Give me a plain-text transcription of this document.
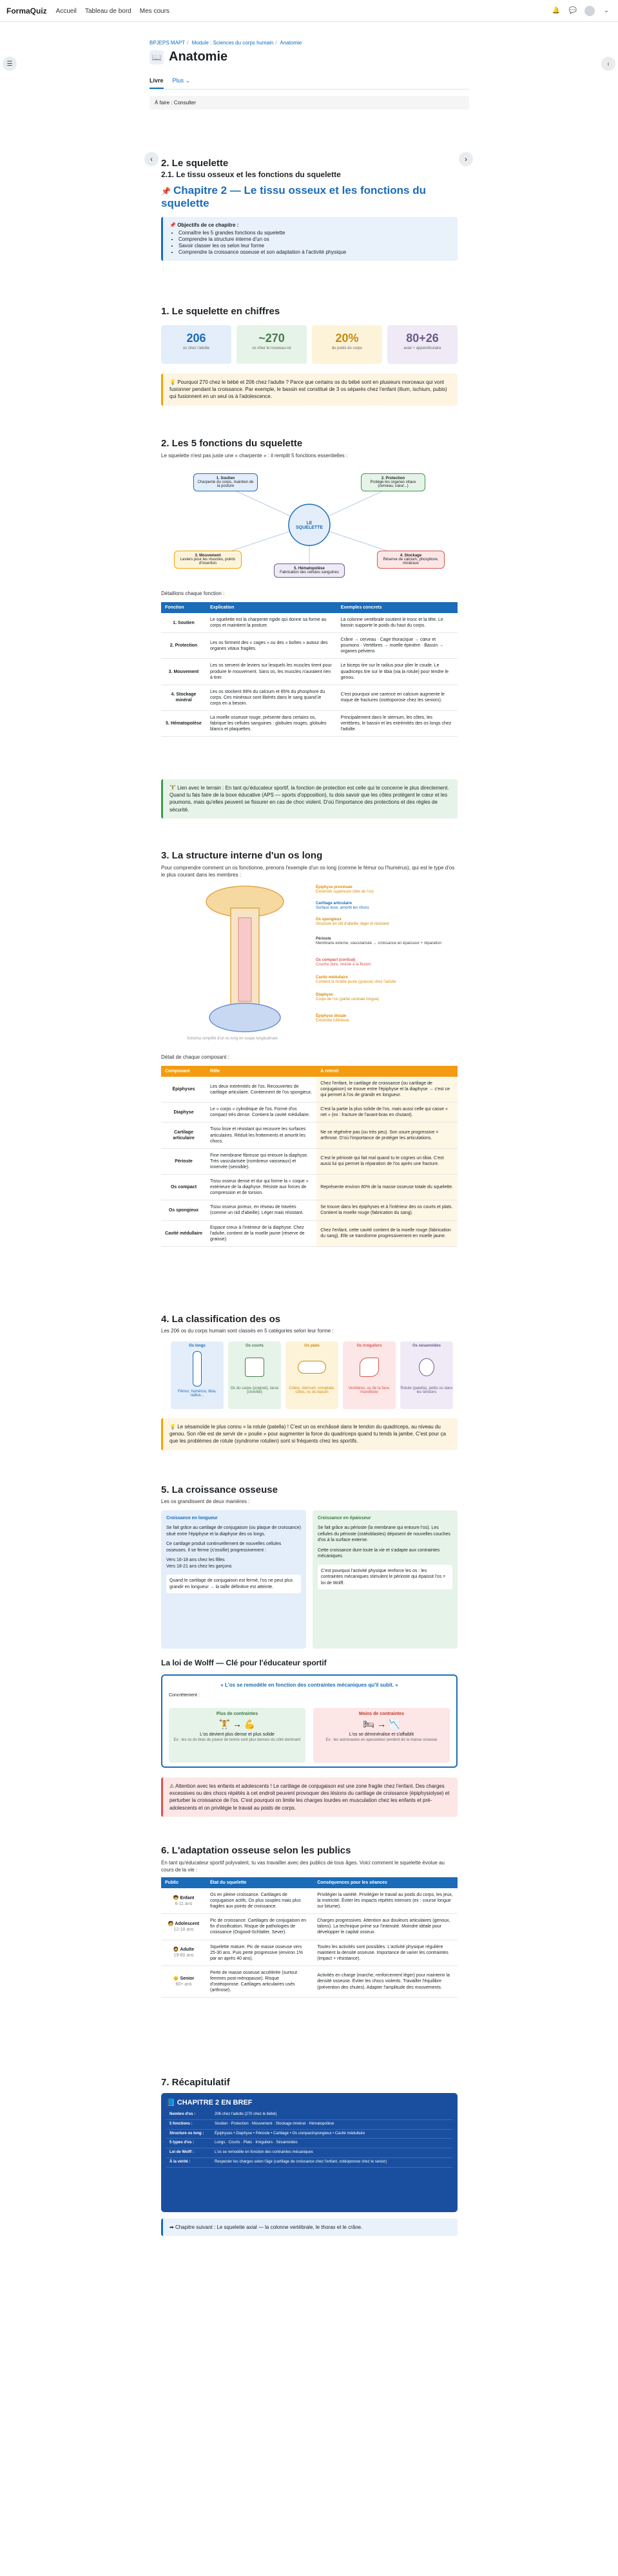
FormaQuiz Accueil Tableau de bord Mes cours	🔔 💬	⌄
☰	‹
BPJEPS MAPT / Module : Sciences du corps humain / Anatomie
📖 Anatomie
Livre Plus ⌄
À faire : Consulter
‹	›
2. Le squelette
2.1. Le tissu osseux et les fonctions du squelette
📌 Chapitre 2 — Le tissu osseux et les fonctions du squelette
📌 Objectifs de ce chapitre :
• Connaître les 5 grandes fonctions du squelette
• Comprendre la structure interne d'un os
• Savoir classer les os selon leur forme
• Comprendre la croissance osseuse et son adaptation à l'activité physique
1. Le squelette en chiffres
206
os chez l'adulte
~270
os chez le nouveau-né
20%
du poids du corps
80+26
axial + appendiculaire
💡 Pourquoi 270 chez le bébé et 206 chez l'adulte ? Parce que certains os du bébé sont en plusieurs morceaux qui vont fusionner pendant la croissance. Par exemple, le bassin est constitué de 3 os séparés chez l'enfant (ilium, ischium, pubis) qui fusionnent en un seul os à l'adolescence.
2. Les 5 fonctions du squelette
Le squelette n'est pas juste une « charpente » : il remplit 5 fonctions essentielles :
LE SQUELETTE
1. Soutien
Charpente du corps, maintien de la posture
2. Protection
Protège les organes vitaux (cerveau, cœur...)
3. Mouvement
Leviers pour les muscles, points d'insertion
4. Stockage
Réserve de calcium, phosphore, minéraux
5. Hématopoïèse
Fabrication des cellules sanguines
Détaillons chaque fonction :
Fonction	Explication	Exemples concrets
1. Soutien	Le squelette est la charpente rigide qui donne sa forme au corps et maintient la posture.	La colonne vertébrale soutient le tronc et la tête. Le bassin supporte le poids du haut du corps.
2. Protection	Les os forment des « cages » ou des « boîtes » autour des organes vitaux fragiles.	Crâne → cerveau · Cage thoracique → cœur et poumons · Vertèbres → moelle épinière · Bassin → organes pelviens
3. Mouvement	Les os servent de leviers sur lesquels les muscles tirent pour produire le mouvement. Sans os, les muscles n'auraient rien à tirer.	Le biceps tire sur le radius pour plier le coude. Le quadriceps tire sur le tibia (via la rotule) pour tendre le genou.
4. Stockage minéral	Les os stockent 99% du calcium et 85% du phosphore du corps. Ces minéraux sont libérés dans le sang quand le corps en a besoin.	C'est pourquoi une carence en calcium augmente le risque de fractures (ostéoporose chez les seniors).
5. Hématopoïèse	La moelle osseuse rouge, présente dans certains os, fabrique les cellules sanguines : globules rouges, globules blancs et plaquettes.	Principalement dans le sternum, les côtes, les vertèbres, le bassin et les extrémités des os longs chez l'adulte.
🏋 Lien avec le terrain : En tant qu'éducateur sportif, la fonction de protection est celle qui te concerne le plus directement. Quand tu fais faire de la boxe éducative (APS — sports d'opposition), tu dois savoir que les côtes protègent le cœur et les poumons, mais qu'elles peuvent se fissurer en cas de choc violent. D'où l'importance des protections et des règles de sécurité.
3. La structure interne d'un os long
Pour comprendre comment un os fonctionne, prenons l'exemple d'un os long (comme le fémur ou l'humérus), qui est le type d'os le plus courant dans les membres :
Épiphyse proximale
Extrémité supérieure (tête de l'os)
Cartilage articulaire
Surface lisse, amortit les chocs
Os spongieux
Structure en nid d'abeille, léger et résistant
Périoste
Membrane externe, vascularisée → croissance en épaisseur + réparation
Os compact (cortical)
Couche dure, résiste à la flexion
Cavité médullaire
Contient la moelle jaune (graisse) chez l'adulte
Diaphyse
Corps de l'os (partie centrale longue)
Épiphyse distale
Extrémité inférieure
Schéma simplifié d'un os long en coupe longitudinale
Détail de chaque composant :
Composant	Rôle	À retenir
Épiphyses	Les deux extrémités de l'os. Recouvertes de cartilage articulaire. Contiennent de l'os spongieux.	Chez l'enfant, le cartilage de croissance (ou cartilage de conjugaison) se trouve entre l'épiphyse et la diaphyse → c'est ce qui permet à l'os de grandir en longueur.
Diaphyse	Le « corps » cylindrique de l'os. Formé d'os compact très dense. Contient la cavité médullaire.	C'est la partie la plus solide de l'os, mais aussi celle qui casse « net » (ex : fracture de l'avant-bras en chutant).
Cartilage articulaire	Tissu lisse et résistant qui recouvre les surfaces articulaires. Réduit les frottements et amortit les chocs.	Ne se régénère pas (ou très peu). Son usure progressive = arthrose. D'où l'importance de protéger les articulations.
Périoste	Fine membrane fibreuse qui entoure la diaphyse. Très vascularisée (nombreux vaisseaux) et innervée (sensible).	C'est le périoste qui fait mal quand tu te cognes un tibia. C'est aussi lui qui permet la réparation de l'os après une fracture.
Os compact	Tissu osseux dense et dur qui forme la « coque » extérieure de la diaphyse. Résiste aux forces de compression et de torsion.	Représente environ 80% de la masse osseuse totale du squelette.
Os spongieux	Tissu osseux poreux, en réseau de travées (comme un nid d'abeille). Léger mais résistant.	Se trouve dans les épiphyses et à l'intérieur des os courts et plats. Contient la moelle rouge (fabrication du sang).
Cavité médullaire	Espace creux à l'intérieur de la diaphyse. Chez l'adulte, contient de la moelle jaune (réserve de graisse).	Chez l'enfant, cette cavité contient de la moelle rouge (fabrication du sang). Elle se transforme progressivement en moelle jaune.
4. La classification des os
Les 206 os du corps humain sont classés en 5 catégories selon leur forme :
Os longs
Fémur, humérus, tibia, radius...
Os courts
Os du carpe (poignet), tarse (cheville)
Os plats
Crâne, sternum, omoplate, côtes, os du bassin
Os irréguliers
Vertèbres, os de la face, mandibule
Os sésamoïdes
Rotule (patella), petits os dans les tendons
💡 Le sésamoïde le plus connu = la rotule (patella) ! C'est un os enchâssé dans le tendon du quadriceps, au niveau du genou. Son rôle est de servir de « poulie » pour augmenter la force du quadriceps quand tu tends la jambe. C'est pour ça que les problèmes de rotule (syndrome rotulien) sont si fréquents chez les sportifs.
5. La croissance osseuse
Les os grandissent de deux manières :
Croissance en longueur

Se fait grâce au cartilage de conjugaison (ou plaque de croissance) situé entre l'épiphyse et la diaphyse des os longs.

Ce cartilage produit continuellement de nouvelles cellules osseuses. Il se ferme (s'ossifie) progressivement :

Vers 16-18 ans chez les filles
Vers 18-21 ans chez les garçons
Quand le cartilage de conjugaison est fermé, l'os ne peut plus grandir en longueur → la taille définitive est atteinte.
Croissance en épaisseur

Se fait grâce au périoste (la membrane qui entoure l'os). Les cellules du périoste (ostéoblastes) déposent de nouvelles couches d'os à la surface externe.

Cette croissance dure toute la vie et s'adapte aux contraintes mécaniques.

C'est pourquoi l'activité physique renforce les os : les contraintes mécaniques stimulent le périoste qui épaissit l'os = loi de Wolff.
La loi de Wolff — Clé pour l'éducateur sportif
« L'os se remodèle en fonction des contraintes mécaniques qu'il subit. »
Concrètement :
Plus de contraintes
🏋 → 💪
L'os devient plus dense et plus solide
Ex : les os du bras du joueur de tennis sont plus denses du côté dominant
Moins de contraintes
🛏 → 📉
L'os se déminéralise et s'affaiblit
Ex : les astronautes en apesanteur perdent de la masse osseuse
⚠ Attention avec les enfants et adolescents ! Le cartilage de conjugaison est une zone fragile chez l'enfant. Des charges excessives ou des chocs répétés à cet endroit peuvent provoquer des lésions du cartilage de croissance (épiphysiolyse) et perturber la croissance de l'os. C'est pourquoi on limite les charges lourdes en musculation chez les enfants et pré-adolescents et on privilégie le travail au poids de corps.
6. L'adaptation osseuse selon les publics
En tant qu'éducateur sportif polyvalent, tu vas travailler avec des publics de tous âges. Voici comment le squelette évolue au cours de la vie :
Public	État du squelette	Conséquences pour les séances
🧒 Enfant
6-11 ans	Os en pleine croissance. Cartilages de conjugaison actifs. Os plus souples mais plus fragiles aux points de croissance.	Privilégier la variété. Privilégier le travail au poids du corps, les jeux, la motricité. Éviter les impacts répétés intenses (ex : course longue sur bitume).
🧑 Adolescent
12-18 ans	Pic de croissance. Cartilages de conjugaison en fin d'ossification. Risque de pathologies de croissance (Osgood-Schlatter, Sever).	Charges progressives. Attention aux douleurs articulaires (genoux, talons). La technique prime sur l'intensité. Moindre idéale pour développer le capital osseux.
🧔 Adulte
19-60 ans	Squelette mature. Pic de masse osseuse vers 25-30 ans. Puis perte progressive (environ 1% par an après 40 ans).	Toutes les activités sont possibles. L'activité physique régulière maintient la densité osseuse. Importance de varier les contraintes (impact + résistance).
👴 Senior
60+ ans	Perte de masse osseuse accélérée (surtout femmes post-ménopause). Risque d'ostéoporose. Cartilages articulaires usés (arthrose).	Activités en charge (marche, renforcement léger) pour maintenir la densité osseuse. Éviter les chocs violents. Travailler l'équilibre (prévention des chutes). Adapter l'amplitude des mouvements.
7. Récapitulatif
📘 CHAPITRE 2 EN BREF
Nombre d'os :	206 chez l'adulte (270 chez le bébé)
5 fonctions :	Soutien · Protection · Mouvement · Stockage minéral · Hématopoïèse
Structure os long :	Épiphyses • Diaphyse • Périoste • Cartilage • Os compact/spongieux • Cavité médullaire
5 types d'os :	Longs · Courts · Plats · Irréguliers · Sésamoïdes
Loi de Wolff :	L'os se remodèle en fonction des contraintes mécaniques
À la vérité :	Respecter les charges selon l'âge (cartilage de croissance chez l'enfant, ostéoporose chez le senior)
➡ Chapitre suivant : Le squelette axial — la colonne vertébrale, le thorax et le crâne.
